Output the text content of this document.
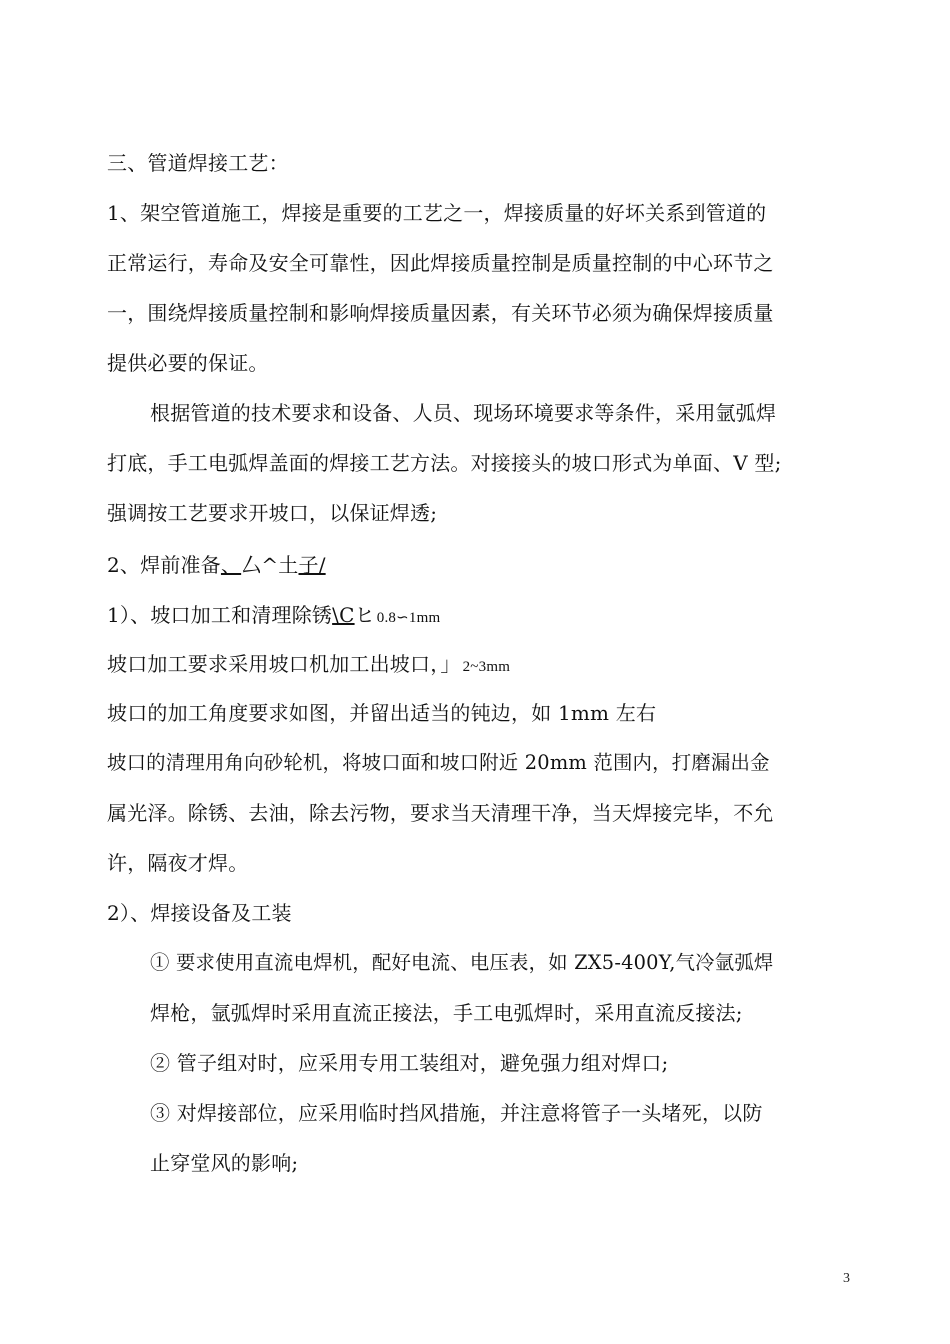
三、管道焊接工艺：
1、架空管道施工，焊接是重要的工艺之一，焊接质量的好坏关系到管道的
正常运行，寿命及安全可靠性，因此焊接质量控制是质量控制的中心环节之
一，围绕焊接质量控制和影响焊接质量因素，有关环节必须为确保焊接质量
提供必要的保证。
根据管道的技术要求和设备、人员、现场环境要求等条件，采用氩弧焊
打底，手工电弧焊盖面的焊接工艺方法。对接接头的坡口形式为单面、V 型;
强调按工艺要求开坡口，以保证焊透;
2、焊前准备、厶^土子/
1）、坡口加工和清理除锈\Cヒ 0.8∽1mm
坡口加工要求采用坡口机加工出坡口，」 2~3mm
坡口的加工角度要求如图，并留出适当的钝边，如 1mm 左右
坡口的清理用角向砂轮机，将坡口面和坡口附近 20mm 范围内，打磨漏出金
属光泽。除锈、去油，除去污物，要求当天清理干净，当天焊接完毕，不允
许，隔夜才焊。
2）、焊接设备及工装
① 要求使用直流电焊机，配好电流、电压表，如 ZX5-400Y,气冷氩弧焊
焊枪，氩弧焊时采用直流正接法，手工电弧焊时，采用直流反接法;
② 管子组对时，应采用专用工装组对，避免强力组对焊口;
③ 对焊接部位，应采用临时挡风措施，并注意将管子一头堵死，以防
止穿堂风的影响;
3
